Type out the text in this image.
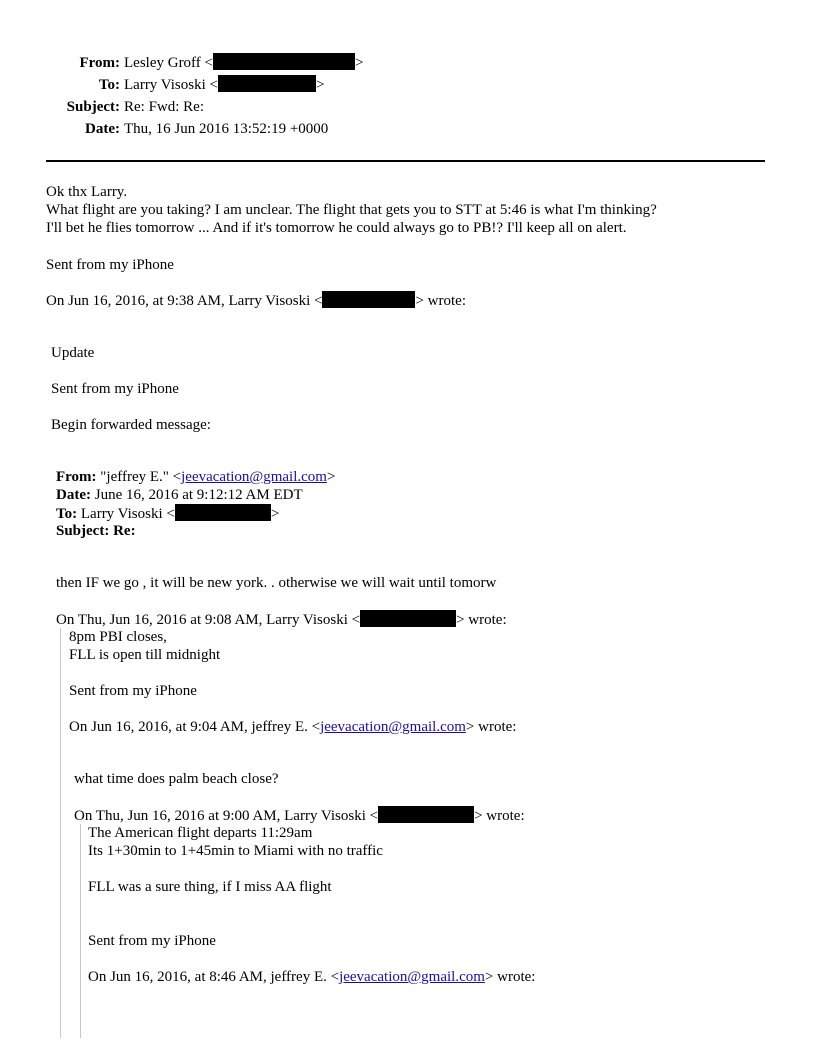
From: Lesley Groff <	>
To: Larry Visoski <	>
Subject: Re: Fwd: Re:
Date: Thu, 16 Jun 2016 13:52:19 +0000
Ok thx Larry.
What flight are you taking? I am unclear. The flight that gets you to STT at 5:46 is what I'm thinking?
I'll bet he flies tomorrow ... And if it's tomorrow he could always go to PB!? I'll keep all on alert.
Sent from my iPhone
On Jun 16, 2016, at 9:38 AM, Larry Visoski <	> wrote:
Update
Sent from my iPhone
Begin forwarded message:
From: "jeffrey E." <jeevacation@gmail.com>
Date: June 16, 2016 at 9:12:12 AM EDT
To: Larry Visoski <	>
Subject: Re:
then IF we go , it will be new york. . otherwise we will wait until tomorw
On Thu, Jun 16, 2016 at 9:08 AM, Larry Visoski <	> wrote:
8pm PBI closes,
FLL is open till midnight
Sent from my iPhone
On Jun 16, 2016, at 9:04 AM, jeffrey E. <jeevacation@gmail.com> wrote:
what time does palm beach close?
On Thu, Jun 16, 2016 at 9:00 AM, Larry Visoski <	> wrote:
The American flight departs 11:29am
Its 1+30min to 1+45min to Miami with no traffic
FLL was a sure thing, if I miss AA flight
Sent from my iPhone
On Jun 16, 2016, at 8:46 AM, jeffrey E. <jeevacation@gmail.com> wrote:
